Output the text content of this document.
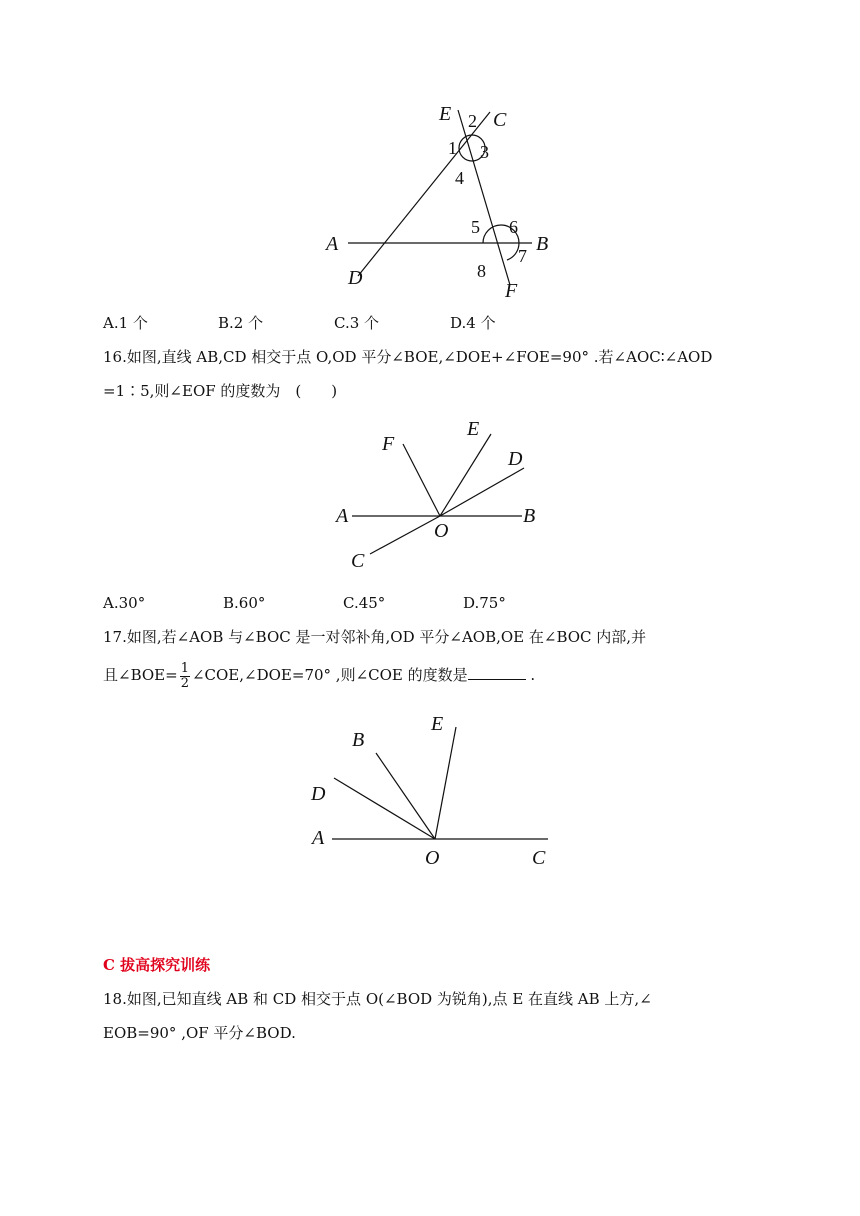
E C
A	B
D
F
1
2
3
4
5 6
7
8
A.1 个	B.2 个	C.3 个	D.4 个
16.如图,直线 AB,CD 相交于点 O,OD 平分∠BOE,∠DOE+∠FOE=90° .若∠AOC∶∠AOD
=1∶5,则∠EOF 的度数为　(　　)
F
E
D
A
O
B
C
A.30°	B.60°	C.45°	D.75°
17.如图,若∠AOB 与∠BOC 是一对邻补角,OD 平分∠AOB,OE 在∠BOC 内部,并
且∠BOE= $\frac{1}{2}$ ∠COE,∠DOE=70° ,则∠COE 的度数是	.
B
E
D
A
O	C
C 拔高探究训练
18.如图,已知直线 AB 和 CD 相交于点 O(∠BOD 为锐角),点 E 在直线 AB 上方,∠
EOB=90° ,OF 平分∠BOD.
